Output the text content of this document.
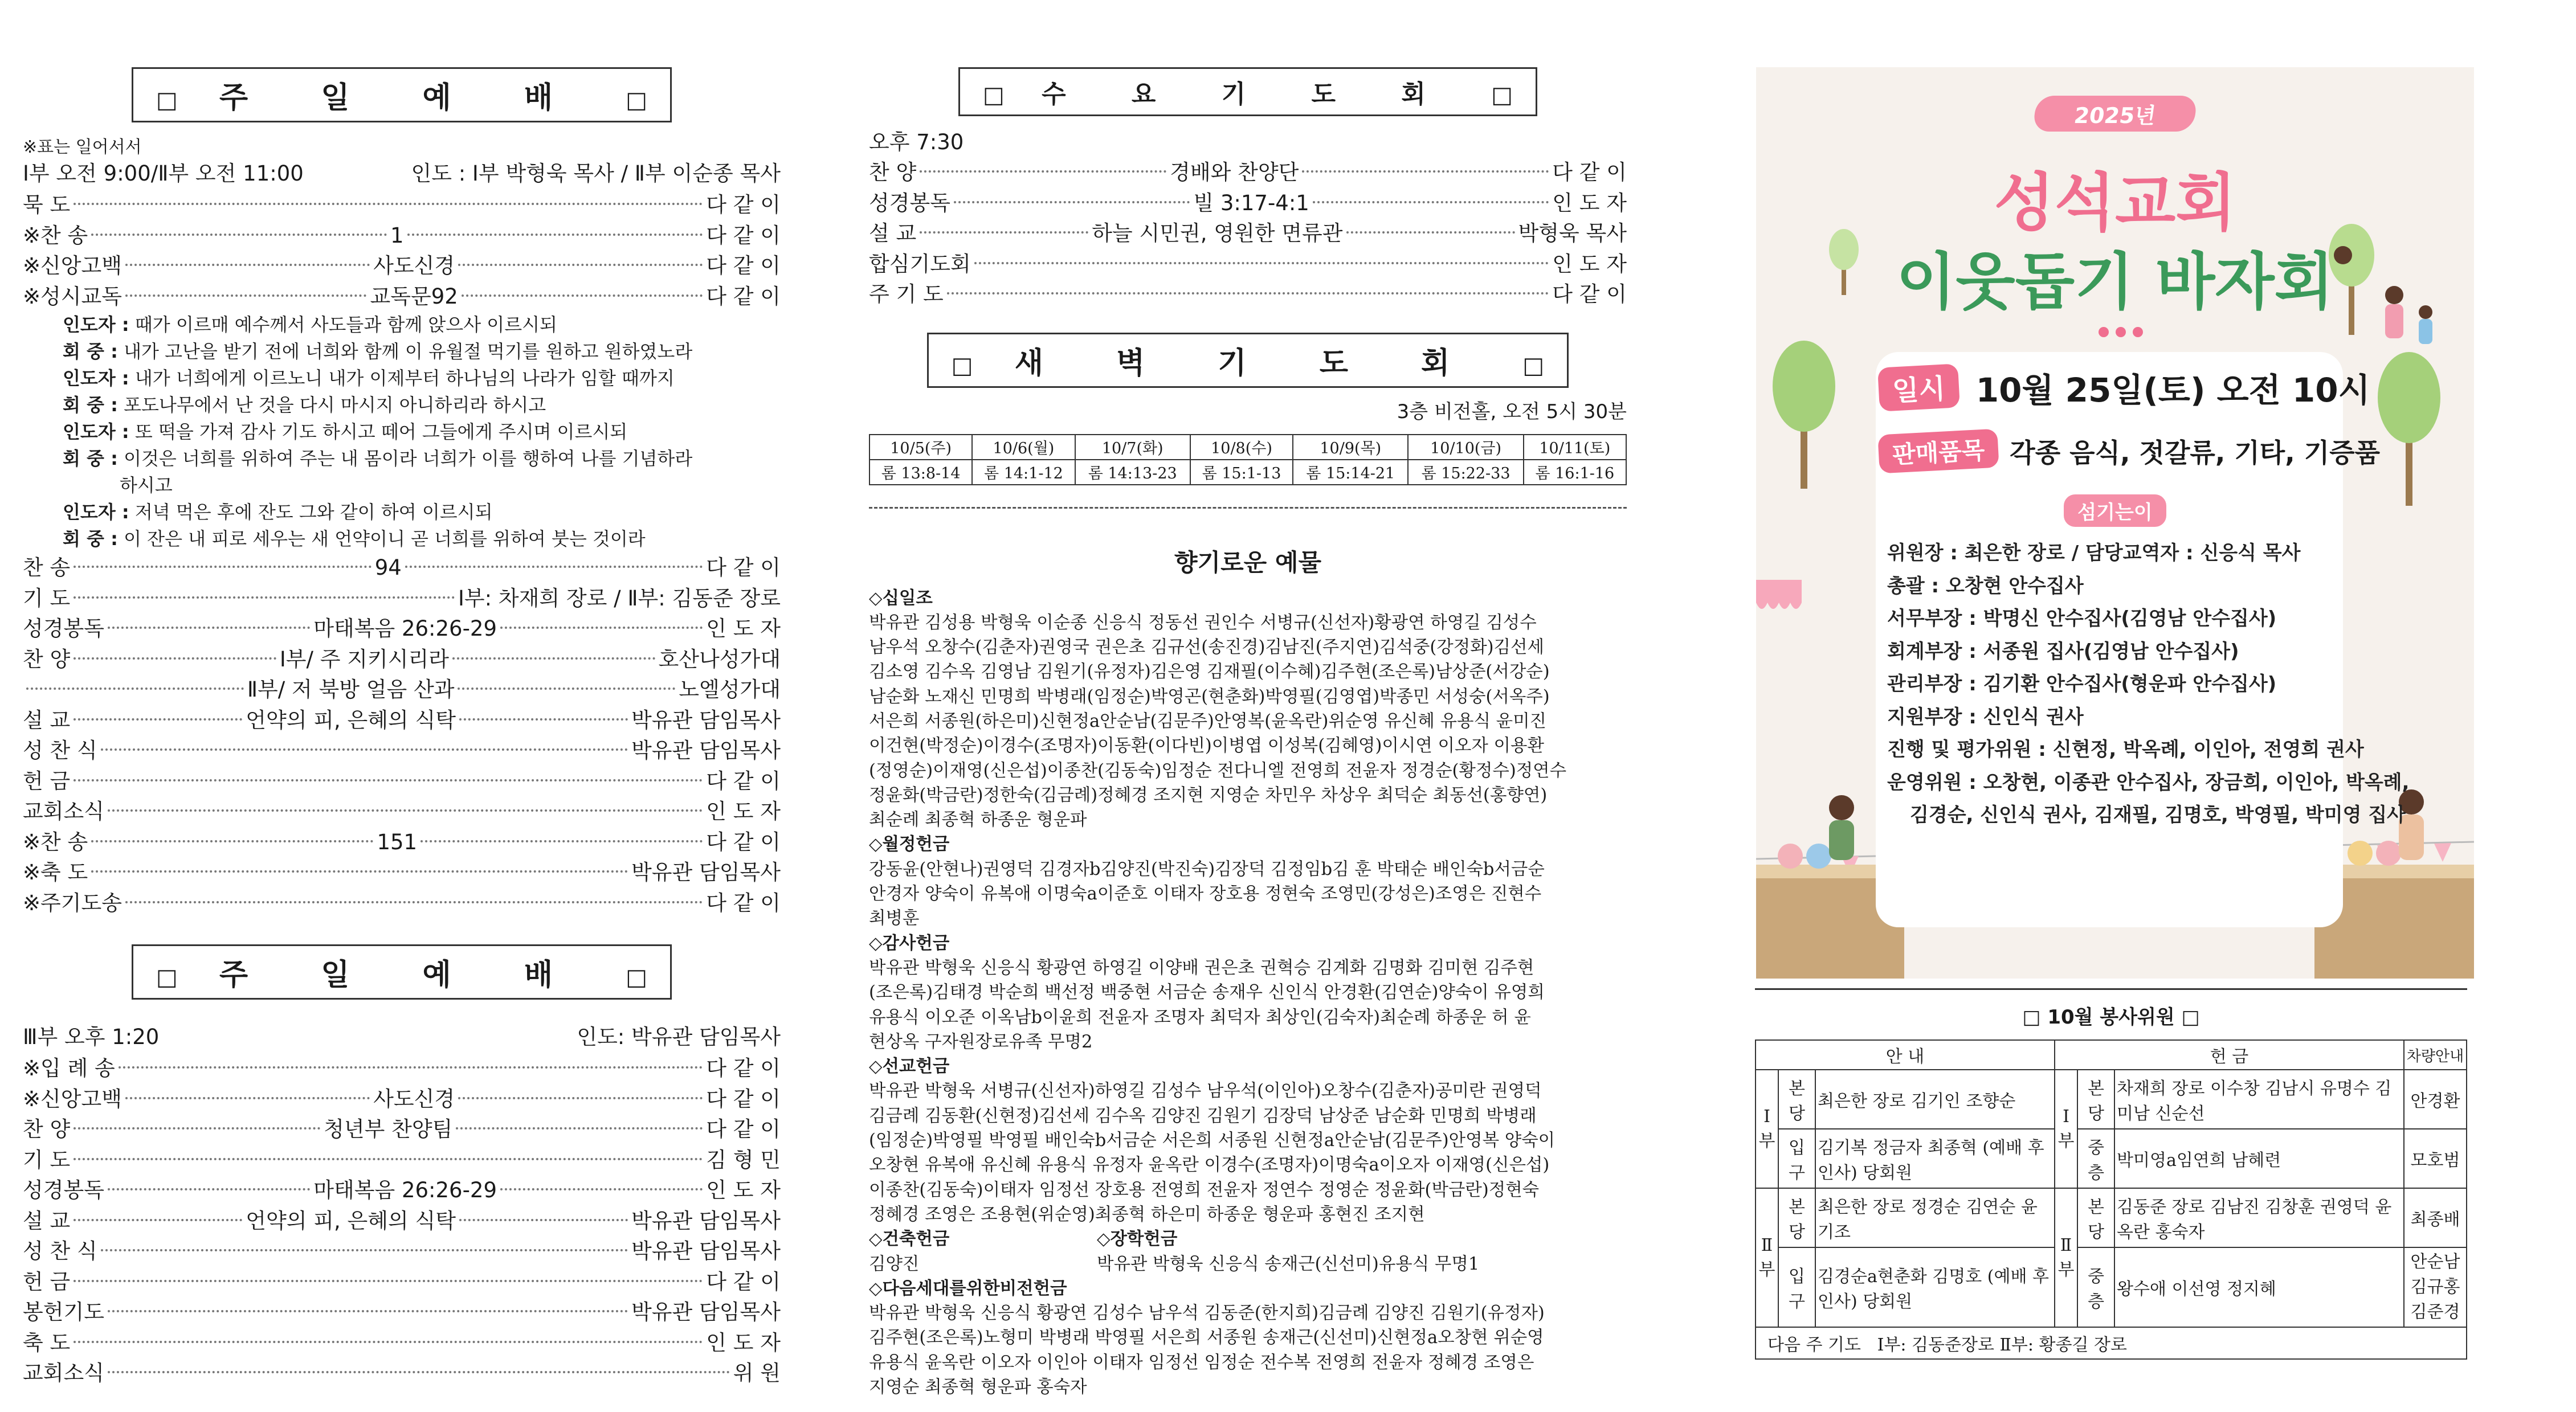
□ 주 일 예 배 □
※표는 일어서서
Ⅰ부 오전 9:00/Ⅱ부 오전 11:00	인도 : Ⅰ부 박형욱 목사 / Ⅱ부 이순종 목사
묵 도	다 같 이
※찬 송	1	다 같 이
※신앙고백	사도신경	다 같 이
※성시교독	교독문92	다 같 이
인도자 : 때가 이르매 예수께서 사도들과 함께 앉으사 이르시되
회 중 : 내가 고난을 받기 전에 너희와 함께 이 유월절 먹기를 원하고 원하였노라
인도자 : 내가 너희에게 이르노니 내가 이제부터 하나님의 나라가 임할 때까지
회 중 : 포도나무에서 난 것을 다시 마시지 아니하리라 하시고
인도자 : 또 떡을 가져 감사 기도 하시고 떼어 그들에게 주시며 이르시되
회 중 : 이것은 너희를 위하여 주는 내 몸이라 너희가 이를 행하여 나를 기념하라
하시고
인도자 : 저녁 먹은 후에 잔도 그와 같이 하여 이르시되
회 중 : 이 잔은 내 피로 세우는 새 언약이니 곧 너희를 위하여 붓는 것이라
찬 송	94	다 같 이
기 도	Ⅰ부: 차재희 장로 / Ⅱ부: 김동준 장로
성경봉독	마태복음 26:26-29	인 도 자
찬 양	Ⅰ부/ 주 지키시리라	호산나성가대
Ⅱ부/ 저 북방 얼음 산과	노엘성가대
설 교	언약의 피, 은혜의 식탁	박유관 담임목사
성 찬 식	박유관 담임목사
헌 금	다 같 이
교회소식	인 도 자
※찬 송	151	다 같 이
※축 도	박유관 담임목사
※주기도송	다 같 이
□ 주 일 예 배 □
Ⅲ부 오후 1:20	인도: 박유관 담임목사
※입 례 송	다 같 이
※신앙고백	사도신경	다 같 이
찬 양	청년부 찬양팀	다 같 이
기 도	김 형 민
성경봉독	마태복음 26:26-29	인 도 자
설 교	언약의 피, 은혜의 식탁	박유관 담임목사
성 찬 식	박유관 담임목사
헌 금	다 같 이
봉헌기도	박유관 담임목사
축 도	인 도 자
교회소식	위 원
□ 수 요 기 도 회 □
오후 7:30
찬 양	경배와 찬양단	다 같 이
성경봉독	빌 3:17-4:1	인 도 자
설 교	하늘 시민권, 영원한 면류관	박형욱 목사
합심기도회	인 도 자
주 기 도	다 같 이
□ 새 벽 기 도 회 □
3층 비전홀, 오전 5시 30분
10/5(주)	10/6(월)	10/7(화)	10/8(수)	10/9(목)	10/10(금)	10/11(토)
롬 13:8-14	롬 14:1-12	롬 14:13-23	롬 15:1-13	롬 15:14-21	롬 15:22-33	롬 16:1-16
향기로운 예물
◇십일조
박유관 김성용 박형욱 이순종 신응식 정동선 권인수 서병규(신선자)황광연 하영길 김성수
남우석 오창수(김춘자)권영국 권은초 김규선(송진경)김남진(주지연)김석중(강정화)김선세
김소영 김수옥 김영남 김원기(유정자)김은영 김재필(이수혜)김주현(조은록)남상준(서강순)
남순화 노재신 민명희 박병래(임정순)박영곤(현춘화)박영필(김영엽)박종민 서성숭(서옥주)
서은희 서종원(하은미)신현정a안순남(김문주)안영복(윤옥란)위순영 유신혜 유용식 윤미진
이건현(박정순)이경수(조명자)이동환(이다빈)이병엽 이성복(김혜영)이시연 이오자 이용환
(정영순)이재영(신은섭)이종찬(김동숙)임정순 전다니엘 전영희 전윤자 정경순(황정수)정연수
정윤화(박금란)정한숙(김금례)정혜경 조지현 지영순 차민우 차상우 최덕순 최동선(홍향연)
최순례 최종혁 하종운 형운파
◇월정헌금
강동윤(안현나)권영덕 김경자b김양진(박진숙)김장덕 김정임b김 훈 박태순 배인숙b서금순
안경자 양숙이 유복애 이명숙a이준호 이태자 장호용 정현숙 조영민(강성은)조영은 진현수
최병훈
◇감사헌금
박유관 박형욱 신응식 황광연 하영길 이양배 권은초 권혁승 김계화 김명화 김미현 김주현
(조은록)김태경 박순희 백선정 백중현 서금순 송재우 신인식 안경환(김연순)양숙이 유영희
유용식 이오준 이옥남b이윤희 전윤자 조명자 최덕자 최상인(김숙자)최순례 하종운 허 윤
현상옥 구자원장로유족 무명2
◇선교헌금
박유관 박형욱 서병규(신선자)하영길 김성수 남우석(이인아)오창수(김춘자)공미란 권영덕
김금례 김동환(신현정)김선세 김수옥 김양진 김원기 김장덕 남상준 남순화 민명희 박병래
(임정순)박영필 박영필 배인숙b서금순 서은희 서종원 신현정a안순남(김문주)안영복 양숙이
오창현 유복애 유신혜 유용식 유정자 윤옥란 이경수(조명자)이명숙a이오자 이재영(신은섭)
이종찬(김동숙)이태자 임정선 장호용 전영희 전윤자 정연수 정영순 정윤화(박금란)정현숙
정혜경 조영은 조용현(위순영)최종혁 하은미 하종운 형운파 홍현진 조지현
◇건축헌금	◇장학헌금
김양진	박유관 박형욱 신응식 송재근(신선미)유용식 무명1
◇다음세대를위한비전헌금
박유관 박형욱 신응식 황광연 김성수 남우석 김동준(한지희)김금례 김양진 김원기(유정자)
김주현(조은록)노형미 박병래 박영필 서은희 서종원 송재근(신선미)신현정a오창현 위순영
유용식 윤옥란 이오자 이인아 이태자 임정선 임정순 전수복 전영희 전윤자 정혜경 조영은
지영순 최종혁 형운파 홍숙자
2025년
성석교회
이웃돕기 바자회
일시 10월 25일(토) 오전 10시
판매품목 각종 음식, 젓갈류, 기타, 기증품
섬기는이
위원장 : 최은한 장로 / 담당교역자 : 신응식 목사
총괄 : 오창현 안수집사
서무부장 : 박명신 안수집사(김영남 안수집사)
회계부장 : 서종원 집사(김영남 안수집사)
관리부장 : 김기환 안수집사(형운파 안수집사)
지원부장 : 신인식 권사
진행 및 평가위원 : 신현정, 박옥례, 이인아, 전영희 권사
운영위원 : 오창현, 이종관 안수집사, 장금희, 이인아, 박옥례,
김경순, 신인식 권사, 김재필, 김명호, 박영필, 박미영 집사
□ 10월 봉사위원 □
안 내			헌 금			차량안내
Ⅰ부	본당	최은한 장로 김기인 조향순	Ⅰ부	본당	차재희 장로 이수창 김남시 유명수 김미남 신순선	안경환
	입구	김기복 정금자 최종혁 (예배 후 인사) 당회원		중층	박미영a임연희 남혜련	모호범
Ⅱ부	본당	최은한 장로 정경순 김연순 윤기조	Ⅱ부	본당	김동준 장로 김남진 김창훈 권영덕 윤옥란 홍숙자	최종배
	입구	김경순a현춘화 김명호 (예배 후 인사) 당회원		중층	왕수애 이선영 정지혜	안순남
김규홍
김준경
다음 주 기도 Ⅰ부: 김동준장로 Ⅱ부: 황종길 장로						
